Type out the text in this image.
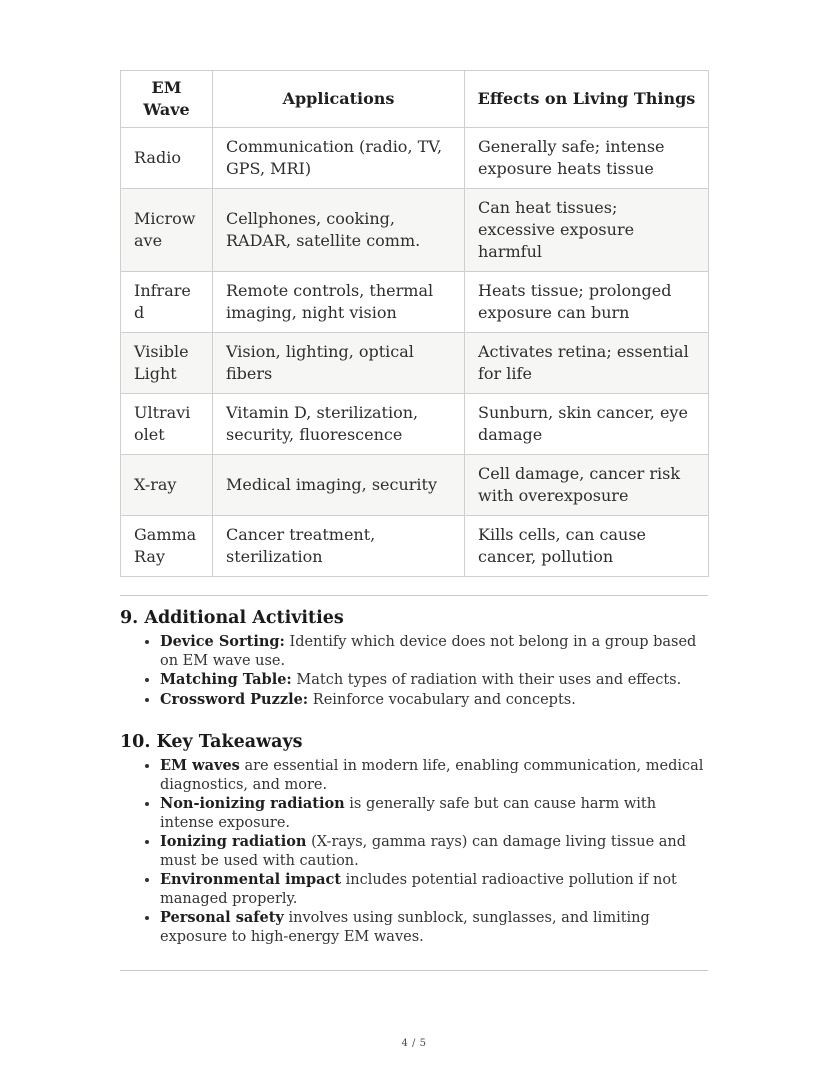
EM Wave	Applications	Effects on Living Things
Radio	Communication (radio, TV, GPS, MRI)	Generally safe; intense exposure heats tissue
Microwave	Cellphones, cooking, RADAR, satellite comm.	Can heat tissues; excessive exposure harmful
Infrared	Remote controls, thermal imaging, night vision	Heats tissue; prolonged exposure can burn
Visible Light	Vision, lighting, optical fibers	Activates retina; essential for life
Ultraviolet	Vitamin D, sterilization, security, fluorescence	Sunburn, skin cancer, eye damage
X-ray	Medical imaging, security	Cell damage, cancer risk with overexposure
Gamma Ray	Cancer treatment, sterilization	Kills cells, can cause cancer, pollution
9. Additional Activities
• Device Sorting: Identify which device does not belong in a group based on EM wave use.
• Matching Table: Match types of radiation with their uses and effects.
• Crossword Puzzle: Reinforce vocabulary and concepts.
10. Key Takeaways
• EM waves are essential in modern life, enabling communication, medical diagnostics, and more.
• Non-ionizing radiation is generally safe but can cause harm with intense exposure.
• Ionizing radiation (X-rays, gamma rays) can damage living tissue and must be used with caution.
• Environmental impact includes potential radioactive pollution if not managed properly.
• Personal safety involves using sunblock, sunglasses, and limiting exposure to high-energy EM waves.
4 / 5
